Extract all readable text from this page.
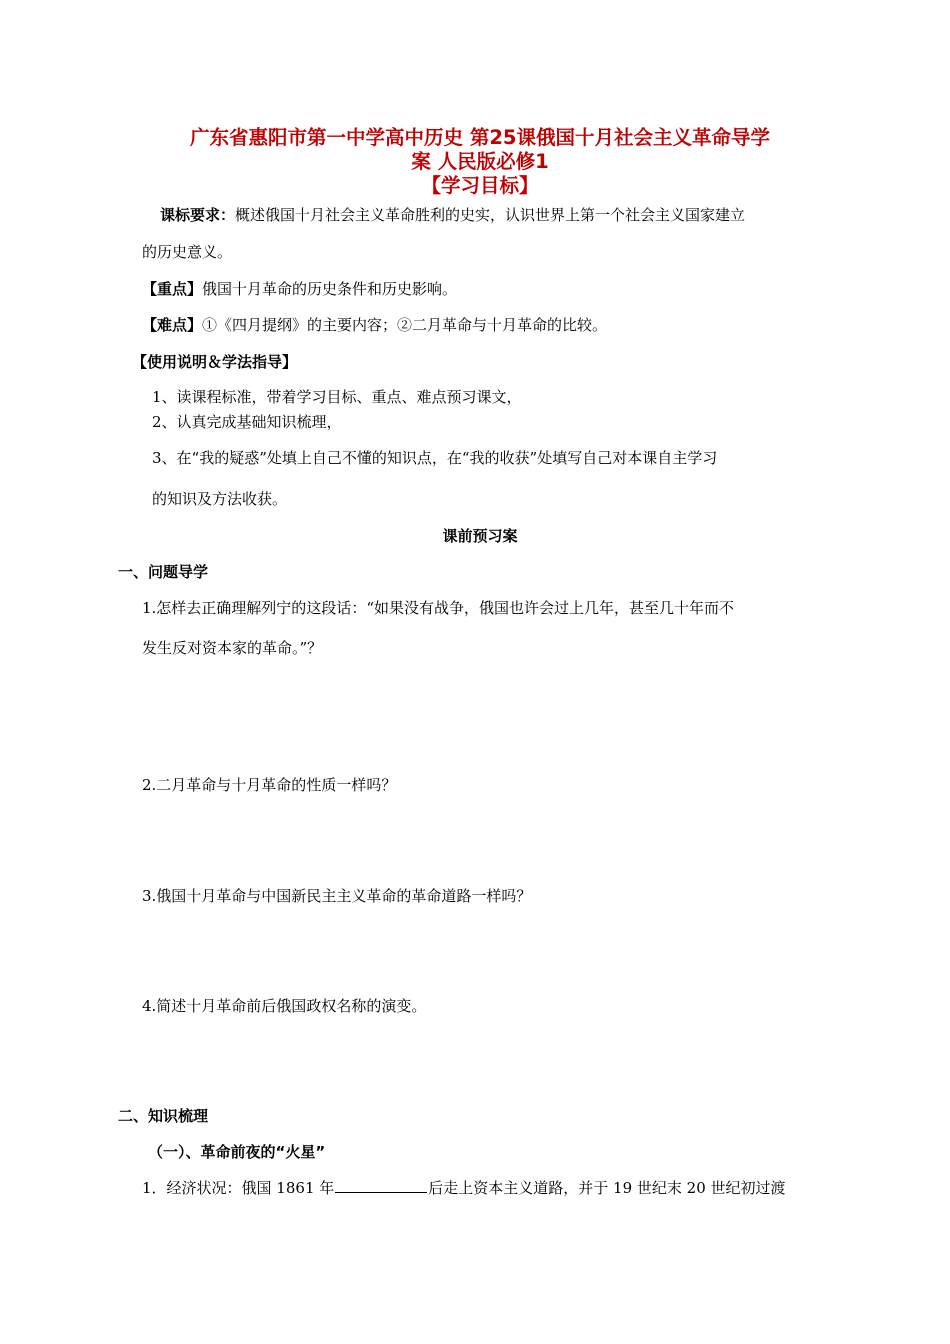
广东省惠阳市第一中学高中历史 第25课俄国十月社会主义革命导学
案 人民版必修1
【学习目标】
课标要求：概述俄国十月社会主义革命胜利的史实，认识世界上第一个社会主义国家建立
的历史意义。
【重点】俄国十月革命的历史条件和历史影响。
【难点】①《四月提纲》的主要内容；②二月革命与十月革命的比较。
【使用说明＆学法指导】
1、读课程标准，带着学习目标、重点、难点预习课文，
2、认真完成基础知识梳理，
3、在“我的疑惑”处填上自己不懂的知识点，在“我的收获”处填写自己对本课自主学习
的知识及方法收获。
课前预习案
一、问题导学
1.怎样去正确理解列宁的这段话：“如果没有战争，俄国也许会过上几年，甚至几十年而不
发生反对资本家的革命。”？
2.二月革命与十月革命的性质一样吗？
3.俄国十月革命与中国新民主主义革命的革命道路一样吗？
4.简述十月革命前后俄国政权名称的演变。
二、知识梳理
（一）、革命前夜的“火星”
1．经济状况：俄国 1861 年	后走上资本主义道路，并于 19 世纪末 20 世纪初过渡
